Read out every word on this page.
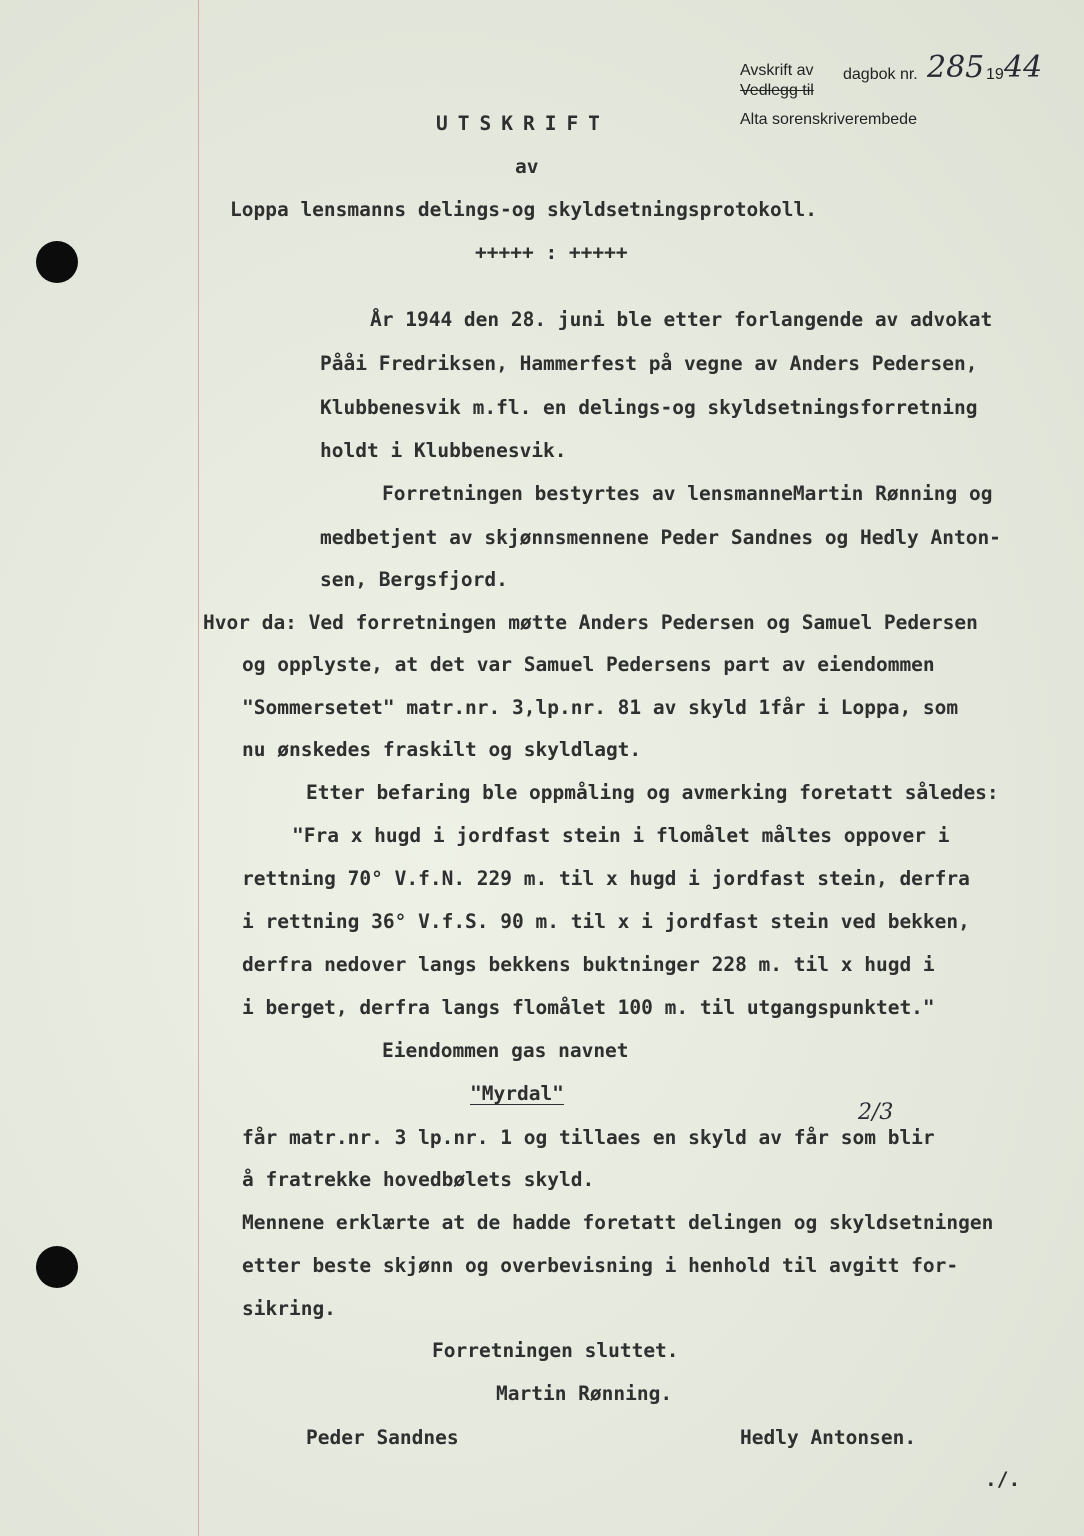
Avskrift av dagbok nr. 285 19 44
Vedlegg til
Alta sorenskriverembede
UTSKRIFT
av
Loppa lensmanns delings-og skyldsetningsprotokoll.
+++++ : +++++
År 1944 den 28. juni ble etter forlangende av advokat
Pååi Fredriksen, Hammerfest på vegne av Anders Pedersen,
Klubbenesvik m.fl. en delings-og skyldsetningsforretning
holdt i Klubbenesvik.
Forretningen bestyrtes av lensmanneMartin Rønning og
medbetjent av skjønnsmennene Peder Sandnes og Hedly Anton-
sen, Bergsfjord.
Hvor da: Ved forretningen møtte Anders Pedersen og Samuel Pedersen
og opplyste, at det var Samuel Pedersens part av eiendommen
"Sommersetet" matr.nr. 3,lp.nr. 81 av skyld 1får i Loppa, som
nu ønskedes fraskilt og skyldlagt.
Etter befaring ble oppmåling og avmerking foretatt således:
"Fra x hugd i jordfast stein i flomålet måltes oppover i
rettning 70° V.f.N. 229 m. til x hugd i jordfast stein, derfra
i rettning 36° V.f.S. 90 m. til x i jordfast stein ved bekken,
derfra nedover langs bekkens buktninger 228 m. til x hugd i
i berget, derfra langs flomålet 100 m. til utgangspunktet."
Eiendommen gas navnet
"Myrdal"
2/3
får matr.nr. 3 lp.nr. 1 og tillaes en skyld av får som blir
å fratrekke hovedbølets skyld.
Mennene erklærte at de hadde foretatt delingen og skyldsetningen
etter beste skjønn og overbevisning i henhold til avgitt for-
sikring.
Forretningen sluttet.
Martin Rønning.
Peder Sandnes	Hedly Antonsen.
./.
